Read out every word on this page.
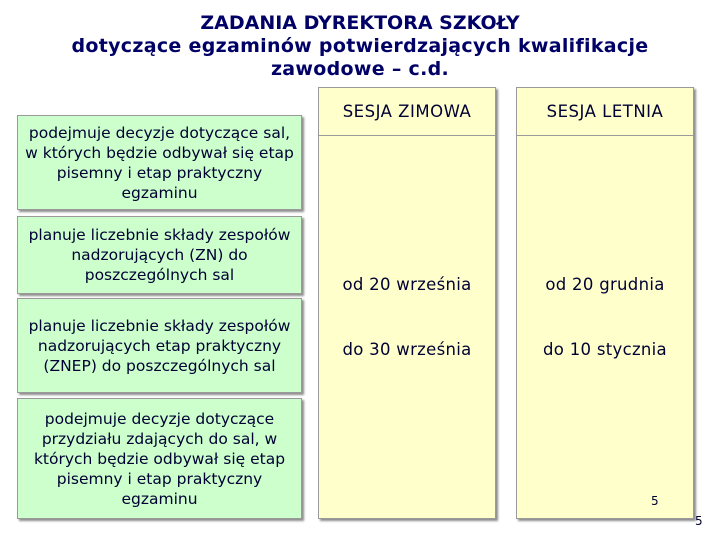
ZADANIA DYREKTORA SZKOŁY
dotyczące egzaminów potwierdzających kwalifikacje
zawodowe – c.d.
podejmuje decyzje dotyczące sal, w których będzie odbywał się etap pisemny i etap praktyczny egzaminu
planuje liczebnie składy zespołów nadzorujących (ZN) do poszczególnych sal
planuje liczebnie składy zespołów nadzorujących etap praktyczny (ZNEP) do poszczególnych sal
podejmuje decyzje dotyczące przydziału zdających do sal, w których będzie odbywał się etap pisemny i etap praktyczny egzaminu
SESJA ZIMOWA
od 20 września
do 30 września
SESJA LETNIA
od 20 grudnia
do 10 stycznia
5
5
